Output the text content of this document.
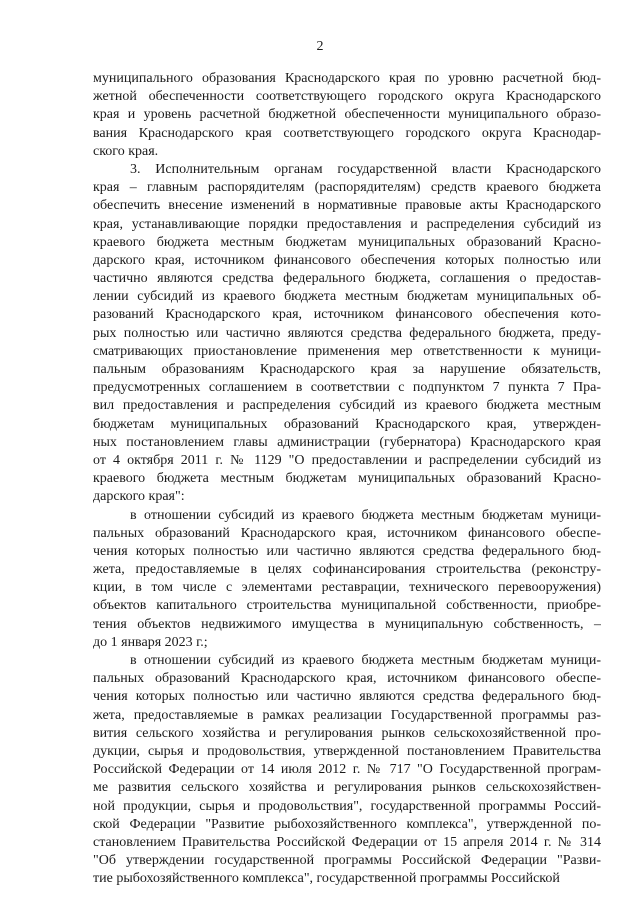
2
муниципального образования Краснодарского края по уровню расчетной бюд-
жетной обеспеченности соответствующего городского округа Краснодарского
края и уровень расчетной бюджетной обеспеченности муниципального образо-
вания Краснодарского края соответствующего городского округа Краснодар-
ского края.
3. Исполнительным органам государственной власти Краснодарского
края – главным распорядителям (распорядителям) средств краевого бюджета
обеспечить внесение изменений в нормативные правовые акты Краснодарского
края, устанавливающие порядки предоставления и распределения субсидий из
краевого бюджета местным бюджетам муниципальных образований Красно-
дарского края, источником финансового обеспечения которых полностью или
частично являются средства федерального бюджета, соглашения о предостав-
лении субсидий из краевого бюджета местным бюджетам муниципальных об-
разований Краснодарского края, источником финансового обеспечения кото-
рых полностью или частично являются средства федерального бюджета, преду-
сматривающих приостановление применения мер ответственности к муници-
пальным образованиям Краснодарского края за нарушение обязательств,
предусмотренных соглашением в соответствии с подпунктом 7 пункта 7 Пра-
вил предоставления и распределения субсидий из краевого бюджета местным
бюджетам муниципальных образований Краснодарского края, утвержден-
ных постановлением главы администрации (губернатора) Краснодарского края
от 4 октября 2011 г. № 1129 "О предоставлении и распределении субсидий из
краевого бюджета местным бюджетам муниципальных образований Красно-
дарского края":
в отношении субсидий из краевого бюджета местным бюджетам муници-
пальных образований Краснодарского края, источником финансового обеспе-
чения которых полностью или частично являются средства федерального бюд-
жета, предоставляемые в целях софинансирования строительства (реконстру-
кции, в том числе с элементами реставрации, технического перевооружения)
объектов капитального строительства муниципальной собственности, приобре-
тения объектов недвижимого имущества в муниципальную собственность, –
до 1 января 2023 г.;
в отношении субсидий из краевого бюджета местным бюджетам муници-
пальных образований Краснодарского края, источником финансового обеспе-
чения которых полностью или частично являются средства федерального бюд-
жета, предоставляемые в рамках реализации Государственной программы раз-
вития сельского хозяйства и регулирования рынков сельскохозяйственной про-
дукции, сырья и продовольствия, утвержденной постановлением Правительства
Российской Федерации от 14 июля 2012 г. № 717 "О Государственной програм-
ме развития сельского хозяйства и регулирования рынков сельскохозяйствен-
ной продукции, сырья и продовольствия", государственной программы Россий-
ской Федерации "Развитие рыбохозяйственного комплекса", утвержденной по-
становлением Правительства Российской Федерации от 15 апреля 2014 г. № 314
"Об утверждении государственной программы Российской Федерации "Разви-
тие рыбохозяйственного комплекса", государственной программы Российской
